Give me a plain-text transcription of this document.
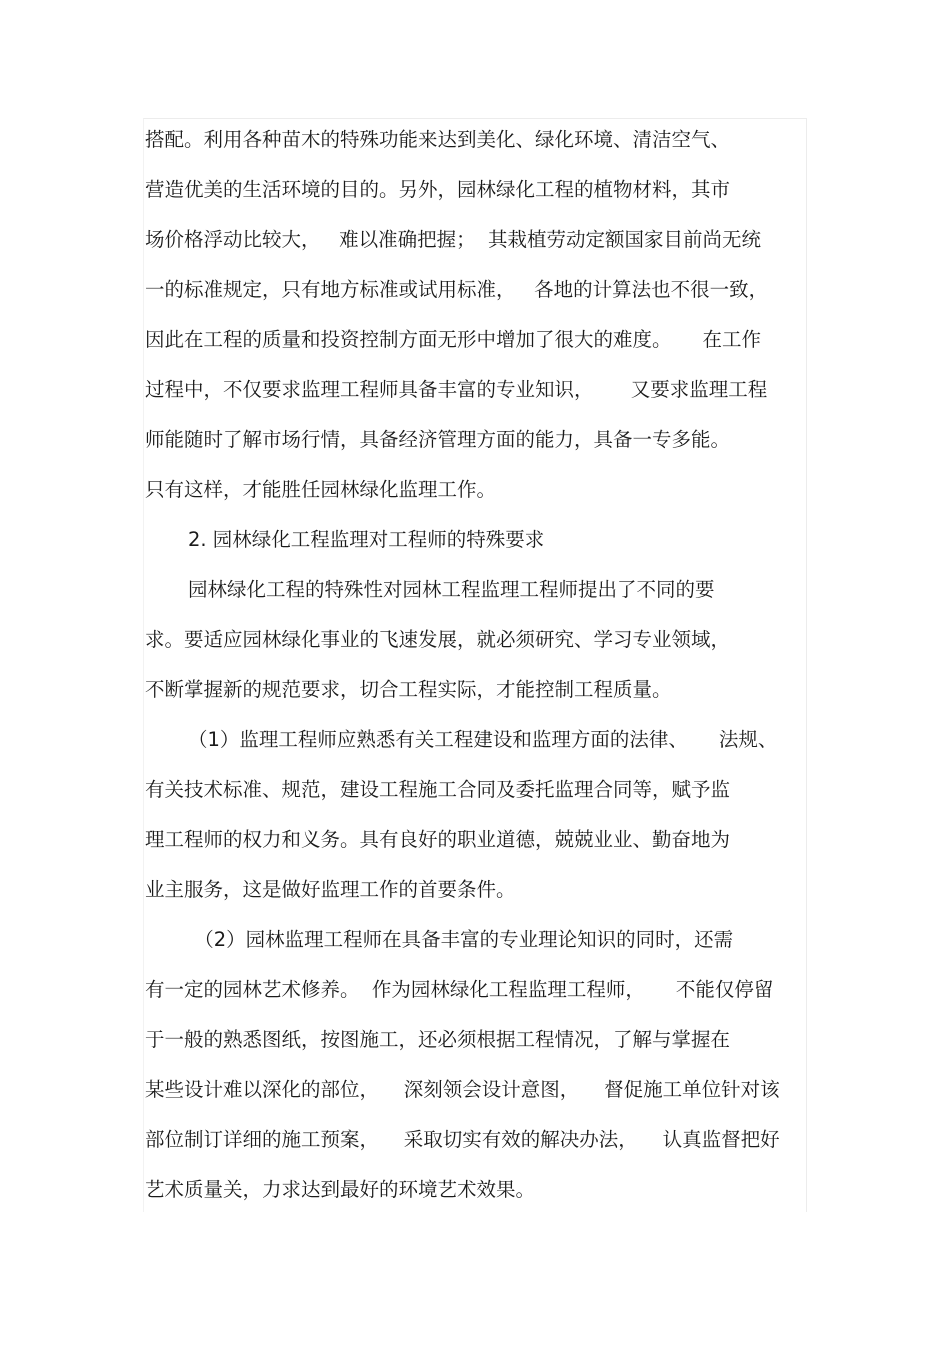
搭配。利用各种苗木的特殊功能来达到美化、绿化环境、清洁空气、
营造优美的生活环境的目的。另外，园林绿化工程的植物材料，其市
场价格浮动比较大，   难以准确把握；  其栽植劳动定额国家目前尚无统
一的标准规定，只有地方标准或试用标准，   各地的计算法也不很一致，
因此在工程的质量和投资控制方面无形中增加了很大的难度。     在工作
过程中，不仅要求监理工程师具备丰富的专业知识，      又要求监理工程
师能随时了解市场行情，具备经济管理方面的能力，具备一专多能。
只有这样，才能胜任园林绿化监理工作。
2. 园林绿化工程监理对工程师的特殊要求
园林绿化工程的特殊性对园林工程监理工程师提出了不同的要
求。要适应园林绿化事业的飞速发展，就必须研究、学习专业领域，
不断掌握新的规范要求，切合工程实际，才能控制工程质量。
（1）监理工程师应熟悉有关工程建设和监理方面的法律、     法规、
有关技术标准、规范，建设工程施工合同及委托监理合同等，赋予监
理工程师的权力和义务。具有良好的职业道德，兢兢业业、勤奋地为
业主服务，这是做好监理工作的首要条件。
（2）园林监理工程师在具备丰富的专业理论知识的同时，还需
有一定的园林艺术修养。  作为园林绿化工程监理工程师，     不能仅停留
于一般的熟悉图纸，按图施工，还必须根据工程情况，了解与掌握在
某些设计难以深化的部位，    深刻领会设计意图，    督促施工单位针对该
部位制订详细的施工预案，    采取切实有效的解决办法，    认真监督把好
艺术质量关，力求达到最好的环境艺术效果。
